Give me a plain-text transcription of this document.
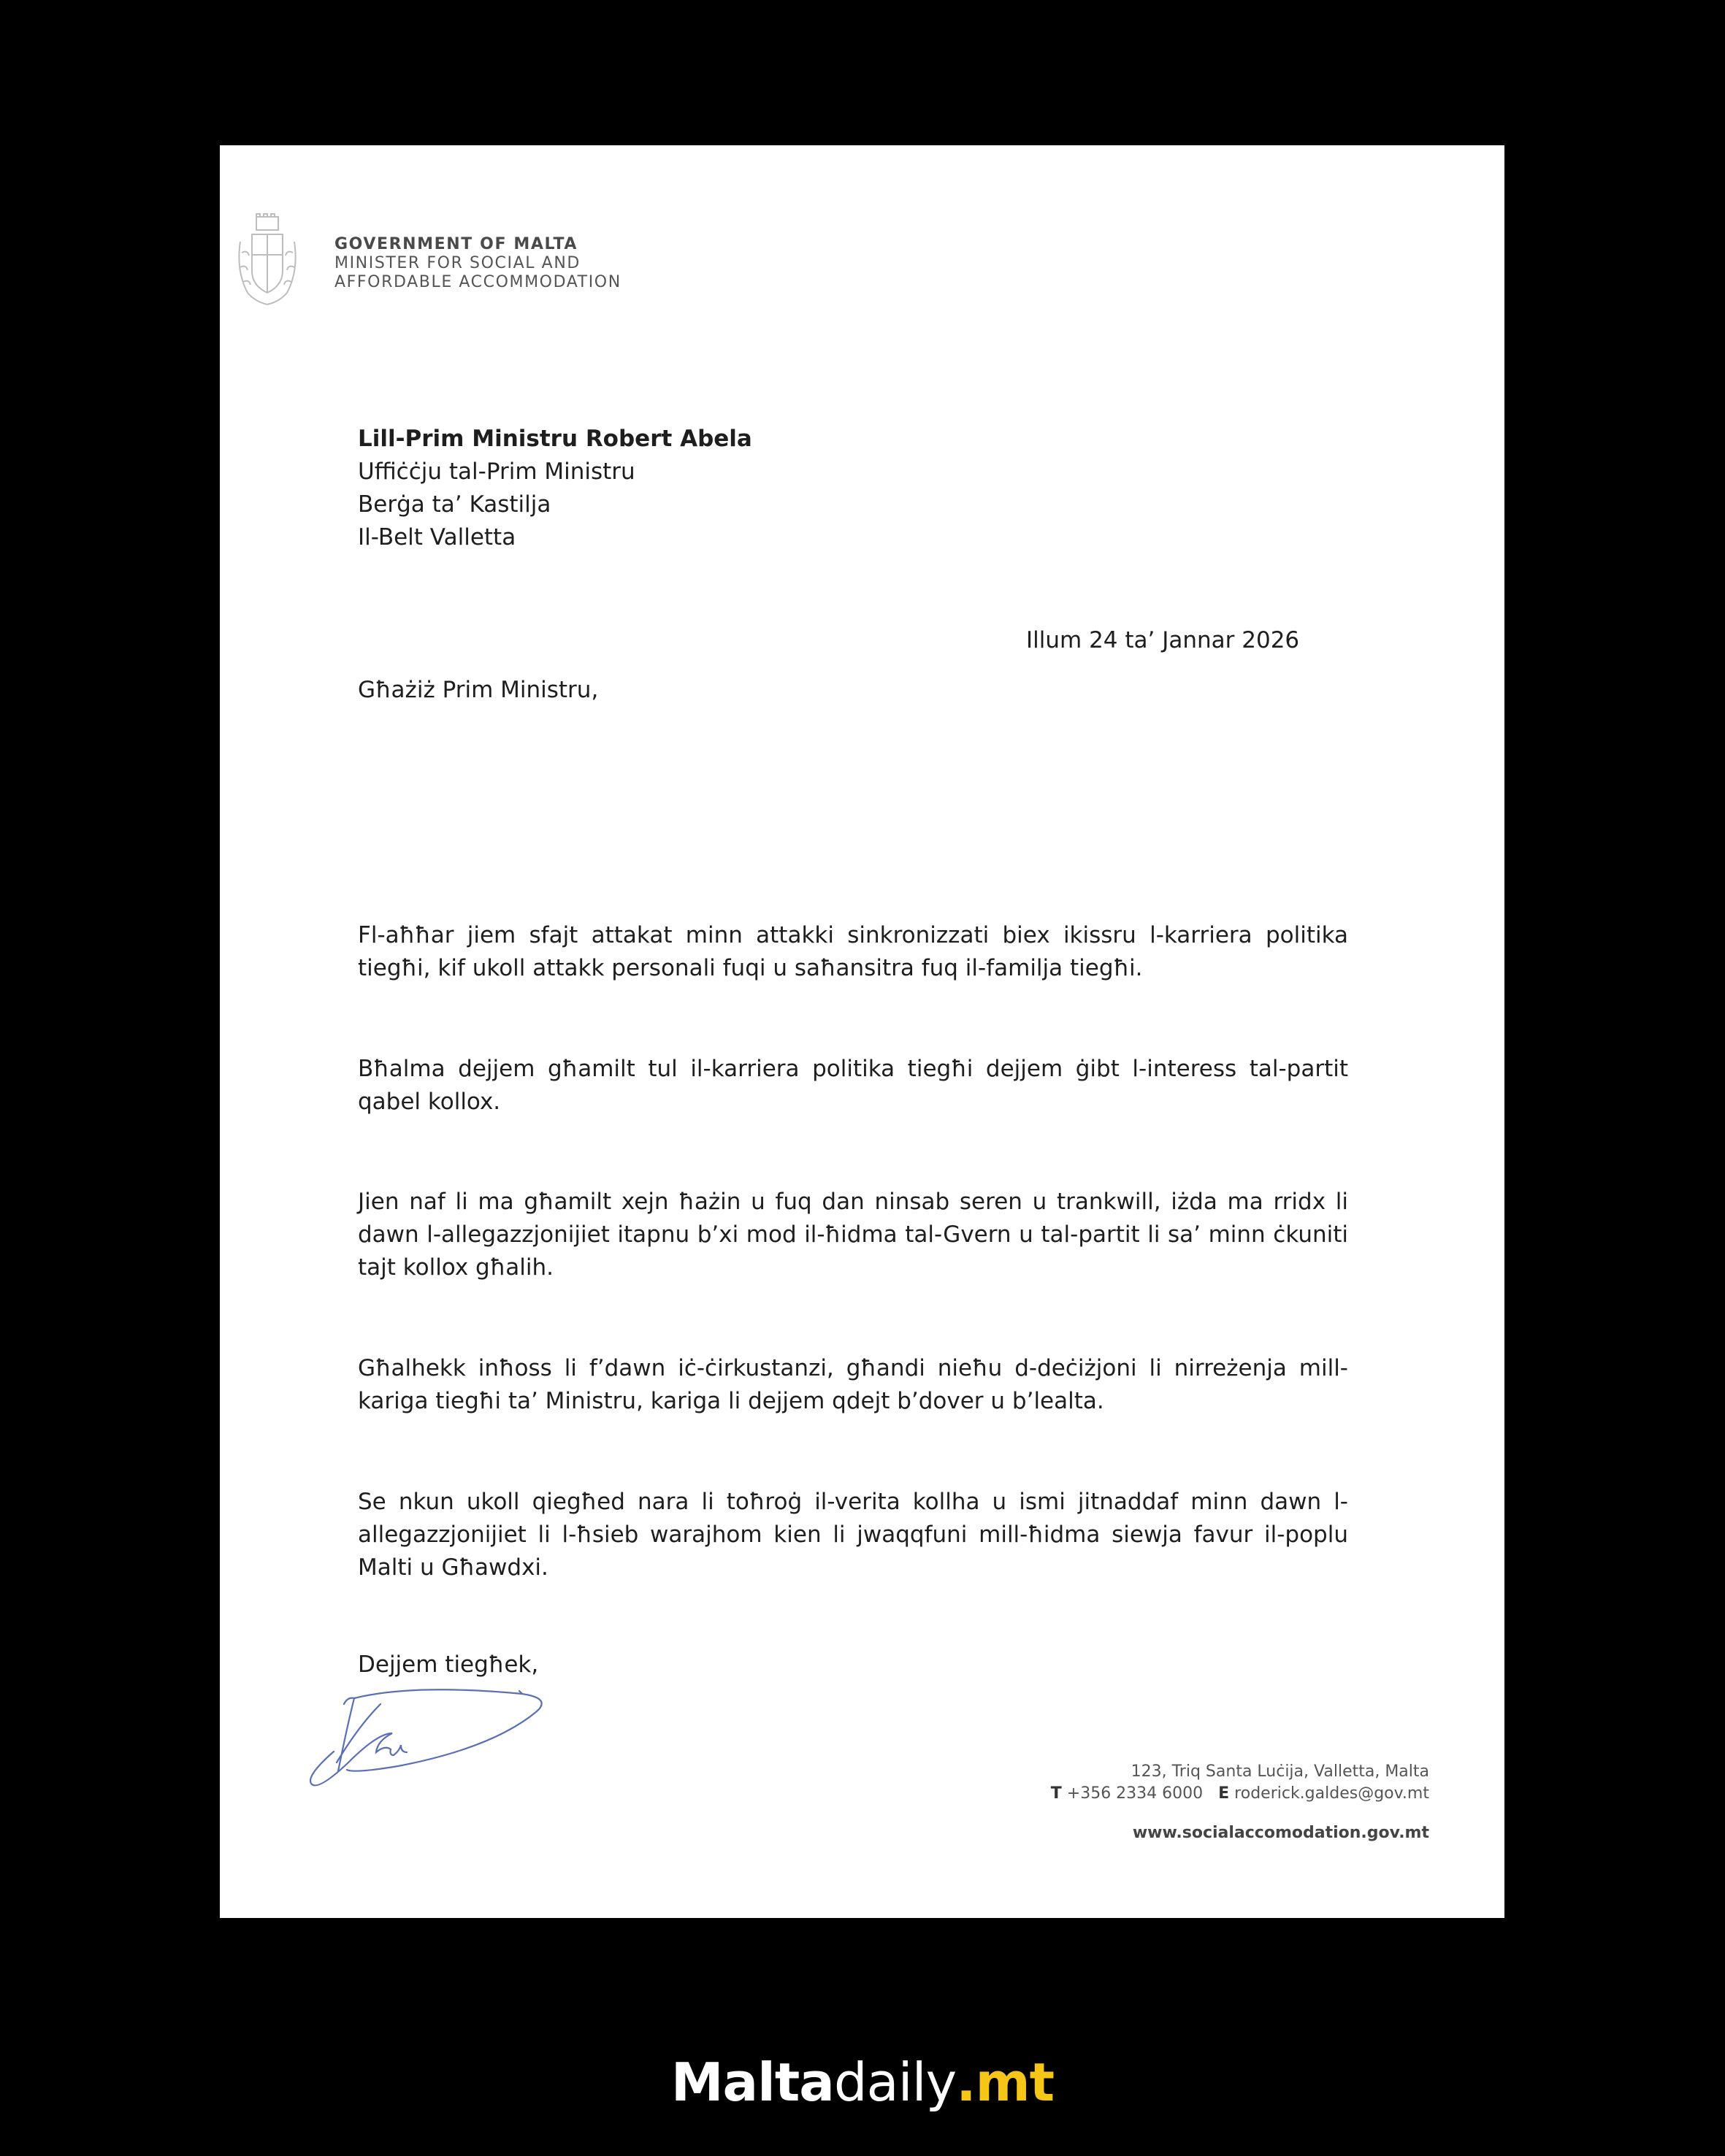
GOVERNMENT OF MALTA
MINISTER FOR SOCIAL AND
AFFORDABLE ACCOMMODATION
Lill-Prim Ministru Robert Abela
Uffiċċju tal-Prim Ministru
Berġa ta’ Kastilja
Il-Belt Valletta
Illum 24 ta’ Jannar 2026
Għażiż Prim Ministru,
Fl-aħħar jiem sfajt attakat minn attakki sinkronizzati biex ikissru l-karriera politika tiegħi, kif ukoll attakk personali fuqi u saħansitra fuq il-familja tiegħi.
Bħalma dejjem għamilt tul il-karriera politika tiegħi dejjem ġibt l-interess tal-partit qabel kollox.
Jien naf li ma għamilt xejn ħażin u fuq dan ninsab seren u trankwill, iżda ma rridx li dawn l-allegazzjonijiet itapnu b’xi mod il-ħidma tal-Gvern u tal-partit li sa’ minn ċkuniti tajt kollox għalih.
Għalhekk inħoss li f’dawn iċ-ċirkustanzi, għandi nieħu d-deċiżjoni li nirreżenja mill-kariga tiegħi ta’ Ministru, kariga li dejjem qdejt b’dover u b’lealta.
Se nkun ukoll qiegħed nara li toħroġ il-verita kollha u ismi jitnaddaf minn dawn l-allegazzjonijiet li l-ħsieb warajhom kien li jwaqqfuni mill-ħidma siewja favur il-poplu Malti u Għawdxi.
Dejjem tiegħek,
123, Triq Santa Luċija, Valletta, Malta
T +356 2334 6000 E roderick.galdes@gov.mt
www.socialaccomodation.gov.mt
Maltadaily.mt
